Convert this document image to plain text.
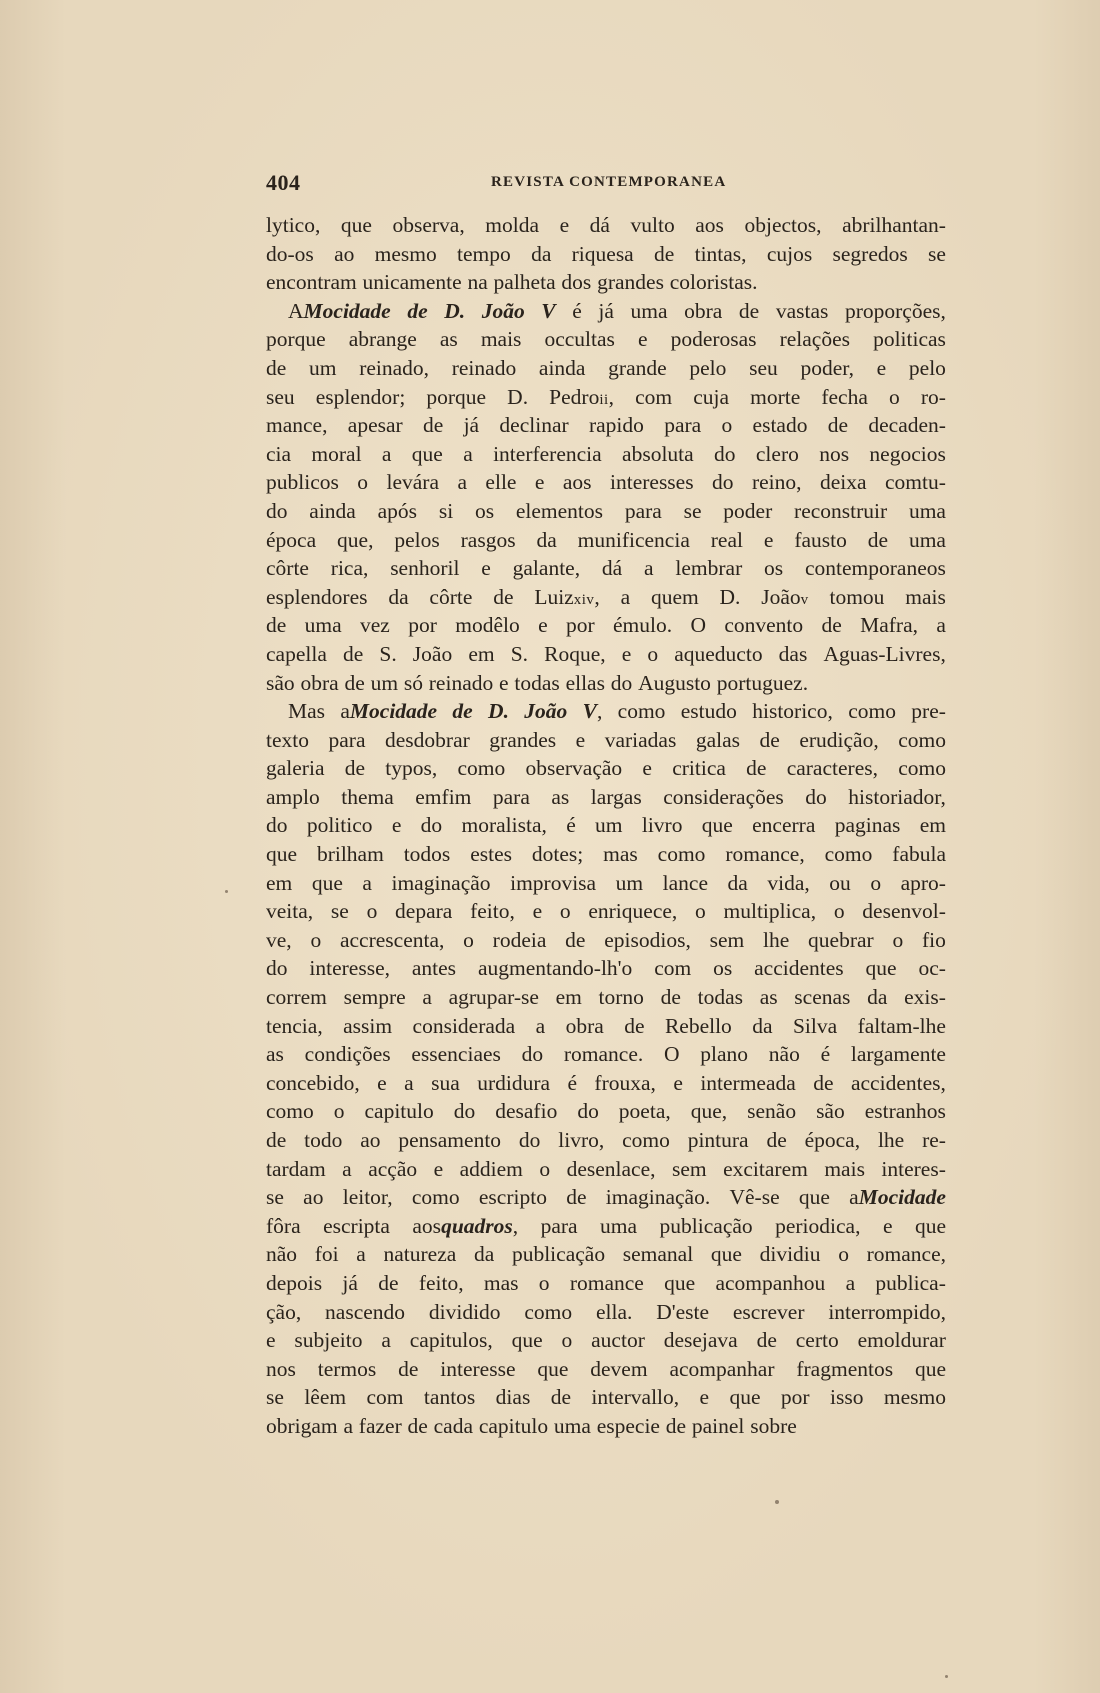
404	REVISTA CONTEMPORANEA
lytico, que observa, molda e dá vulto aos objectos, abrilhantan-
do-os ao mesmo tempo da riquesa de tintas, cujos segredos se
encontram unicamente na palheta dos grandes coloristas.
AMocidade de D. João V é já uma obra de vastas proporções,
porque abrange as mais occultas e poderosas relações politicas
de um reinado, reinado ainda grande pelo seu poder, e pelo
seu esplendor; porque D. Pedroii, com cuja morte fecha o ro-
mance, apesar de já declinar rapido para o estado de decaden-
cia moral a que a interferencia absoluta do clero nos negocios
publicos o levára a elle e aos interesses do reino, deixa comtu-
do ainda após si os elementos para se poder reconstruir uma
época que, pelos rasgos da munificencia real e fausto de uma
côrte rica, senhoril e galante, dá a lembrar os contemporaneos
esplendores da côrte de Luizxiv, a quem D. Joãov tomou mais
de uma vez por modêlo e por émulo. O convento de Mafra, a
capella de S. João em S. Roque, e o aqueducto das Aguas-Livres,
são obra de um só reinado e todas ellas do Augusto portuguez.
Mas aMocidade de D. João V, como estudo historico, como pre-
texto para desdobrar grandes e variadas galas de erudição, como
galeria de typos, como observação e critica de caracteres, como
amplo thema emfim para as largas considerações do historiador,
do politico e do moralista, é um livro que encerra paginas em
que brilham todos estes dotes; mas como romance, como fabula
em que a imaginação improvisa um lance da vida, ou o apro-
veita, se o depara feito, e o enriquece, o multiplica, o desenvol-
ve, o accrescenta, o rodeia de episodios, sem lhe quebrar o fio
do interesse, antes augmentando-lh'o com os accidentes que oc-
correm sempre a agrupar-se em torno de todas as scenas da exis-
tencia, assim considerada a obra de Rebello da Silva faltam-lhe
as condições essenciaes do romance. O plano não é largamente
concebido, e a sua urdidura é frouxa, e intermeada de accidentes,
como o capitulo do desafio do poeta, que, senão são estranhos
de todo ao pensamento do livro, como pintura de época, lhe re-
tardam a acção e addiem o desenlace, sem excitarem mais interes-
se ao leitor, como escripto de imaginação. Vê-se que aMocidade
fôra escripta aosquadros, para uma publicação periodica, e que
não foi a natureza da publicação semanal que dividiu o romance,
depois já de feito, mas o romance que acompanhou a publica-
ção, nascendo dividido como ella. D'este escrever interrompido,
e subjeito a capitulos, que o auctor desejava de certo emoldurar
nos termos de interesse que devem acompanhar fragmentos que
se lêem com tantos dias de intervallo, e que por isso mesmo
obrigam a fazer de cada capitulo uma especie de painel sobre
